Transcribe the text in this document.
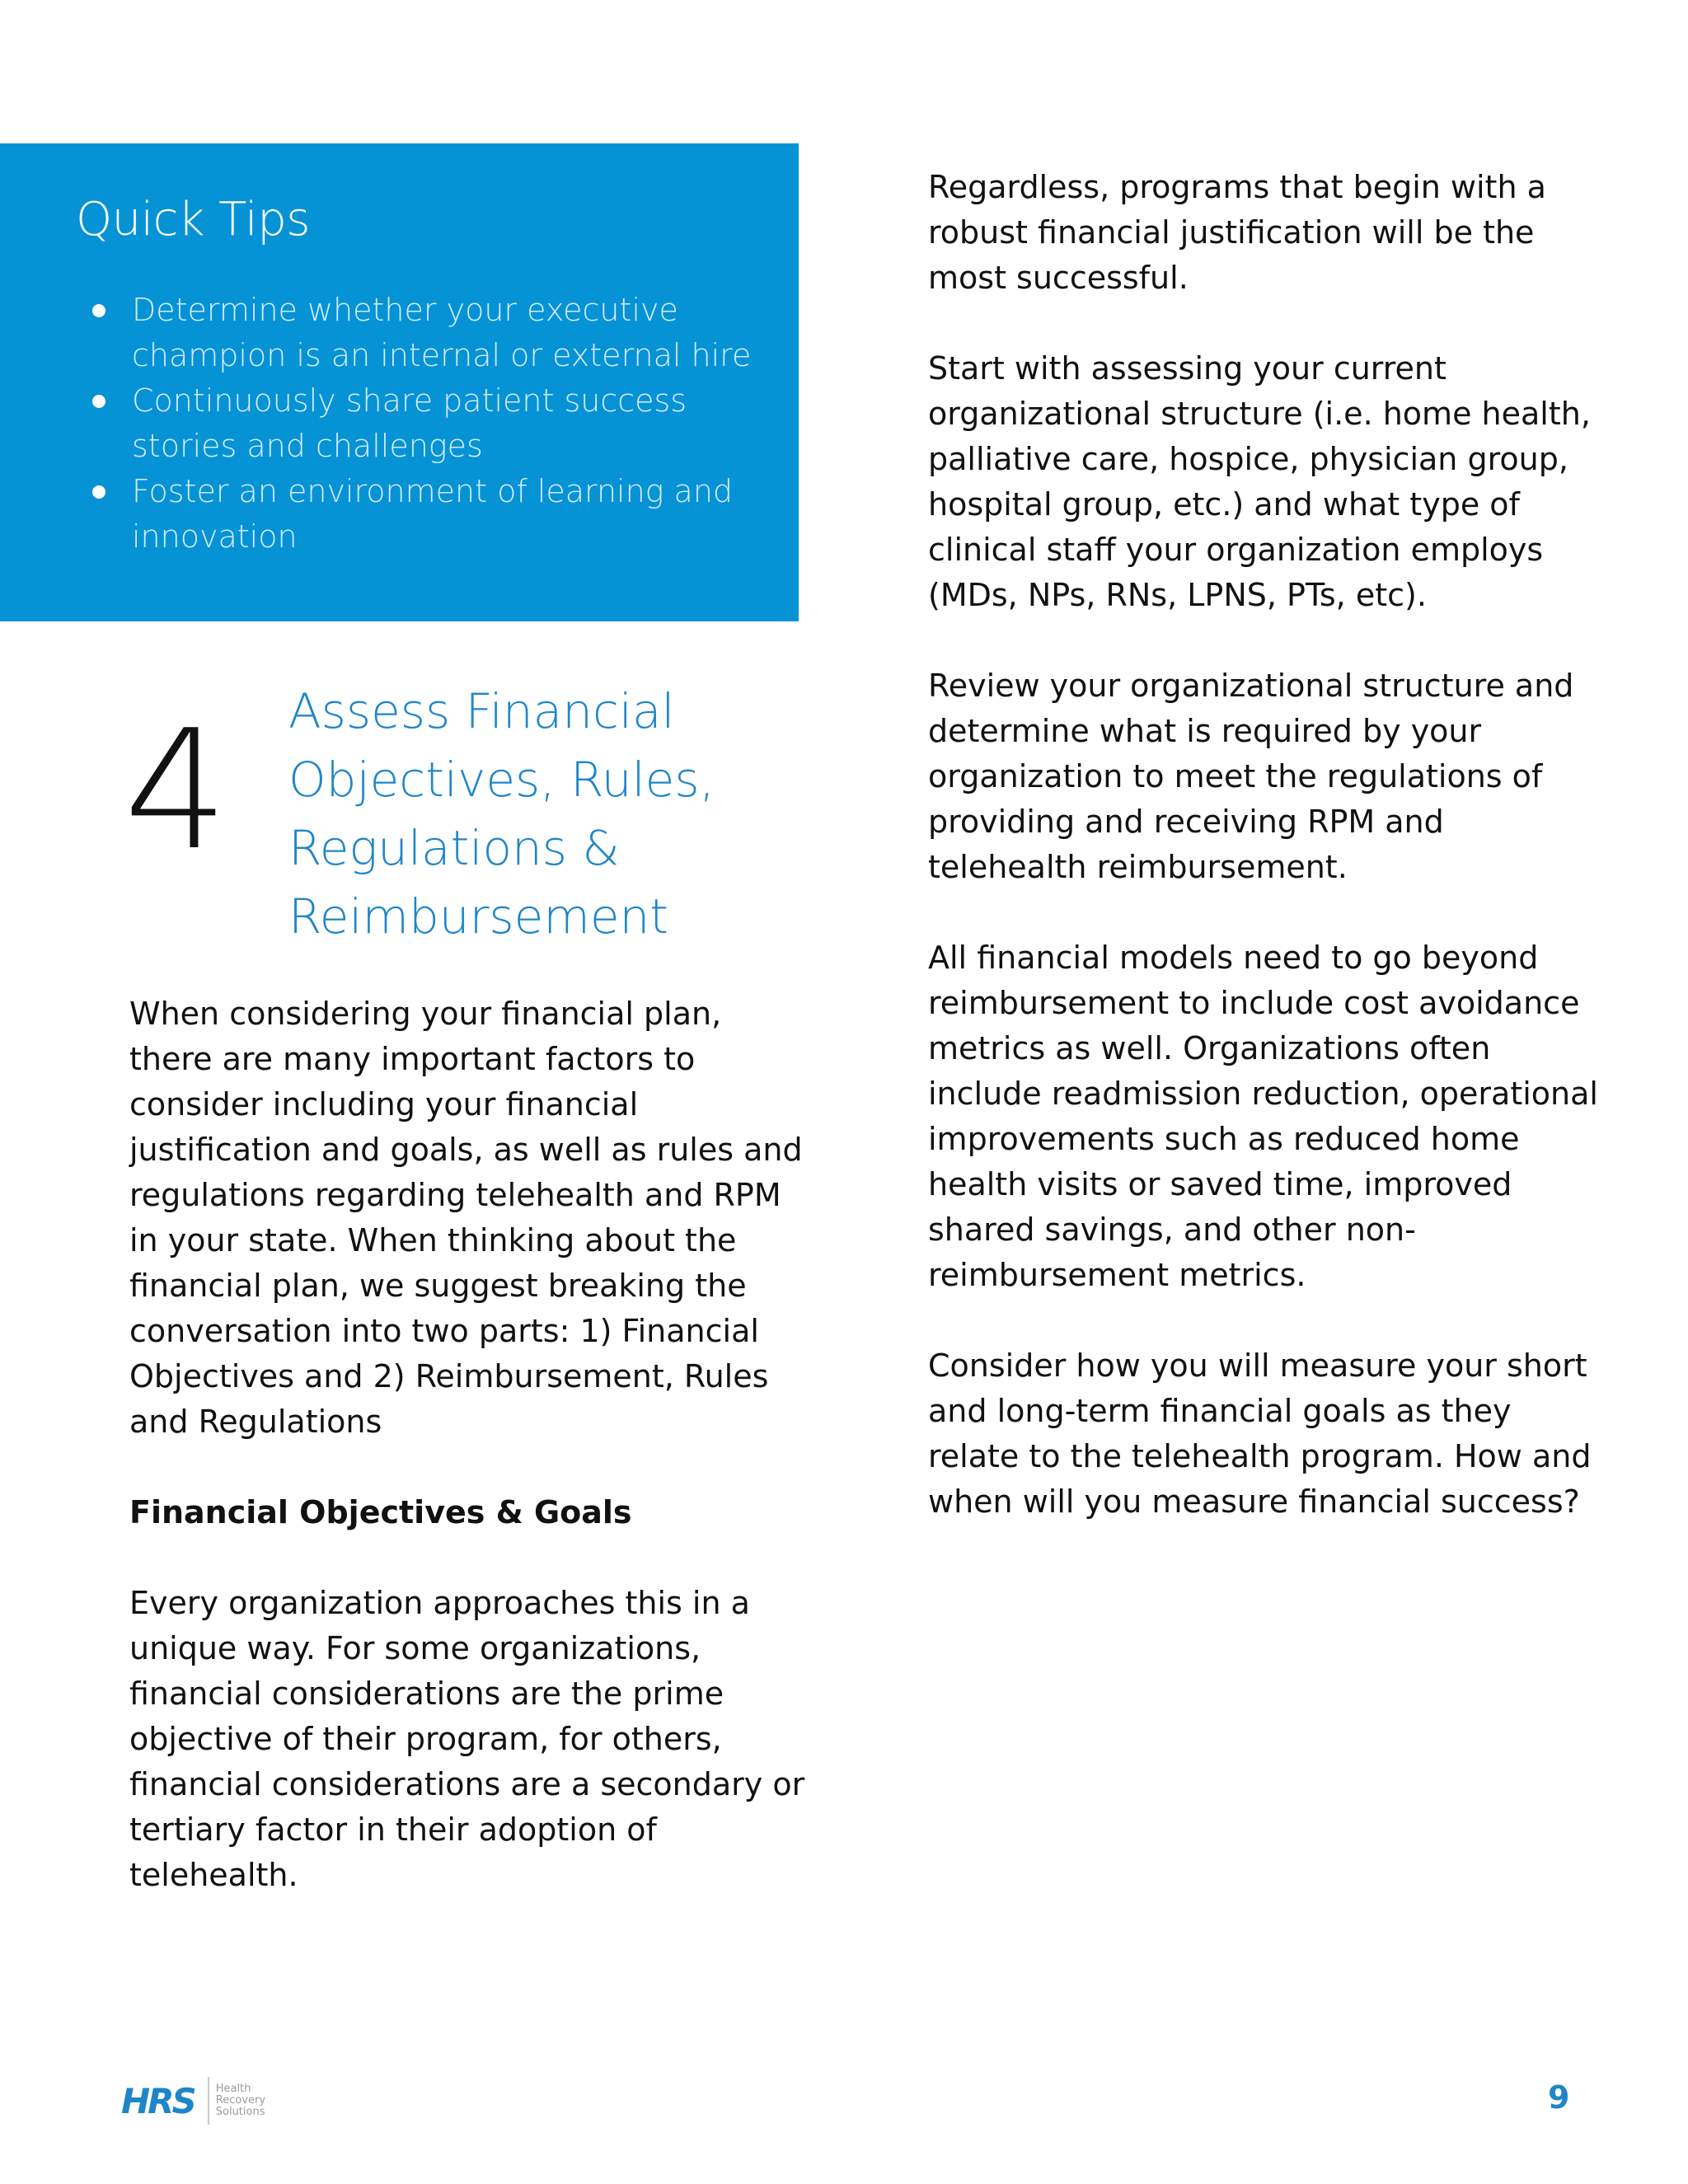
Quick Tips
Determine whether your executive champion is an internal or external hire
Continuously share patient success stories and challenges
Foster an environment of learning and innovation
4 Assess Financial Objectives, Rules, Regulations & Reimbursement

When considering your financial plan, there are many important factors to consider including your financial justification and goals, as well as rules and regulations regarding telehealth and RPM in your state. When thinking about the financial plan, we suggest breaking the conversation into two parts: 1) Financial Objectives and 2) Reimbursement, Rules and Regulations

Financial Objectives & Goals

Every organization approaches this in a unique way. For some organizations, financial considerations are the prime objective of their program, for others, financial considerations are a secondary or tertiary factor in their adoption of telehealth.

Regardless, programs that begin with a robust financial justification will be the most successful.

Start with assessing your current organizational structure (i.e. home health, palliative care, hospice, physician group, hospital group, etc.) and what type of clinical staff your organization employs (MDs, NPs, RNs, LPNS, PTs, etc).

Review your organizational structure and determine what is required by your organization to meet the regulations of providing and receiving RPM and telehealth reimbursement.

All financial models need to go beyond reimbursement to include cost avoidance metrics as well. Organizations often include readmission reduction, operational improvements such as reduced home health visits or saved time, improved shared savings, and other non-reimbursement metrics.

Consider how you will measure your short and long-term financial goals as they relate to the telehealth program. How and when will you measure financial success?

HRS Health
Recovery
Solutions	9
